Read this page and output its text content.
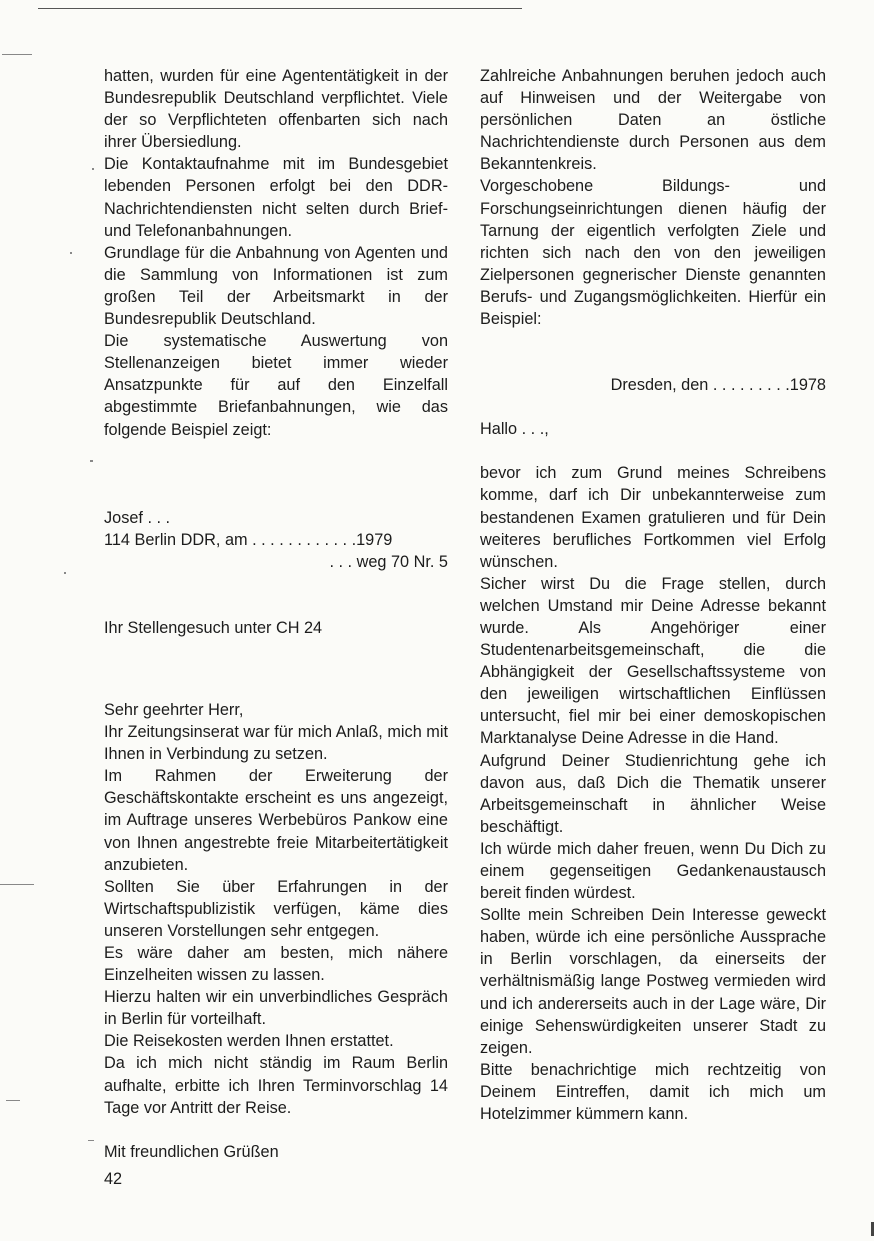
hatten, wurden für eine Agententätigkeit in der Bundesrepublik Deutschland verpflichtet. Viele der so Verpflichteten offenbarten sich nach ihrer Übersiedlung.

Die Kontaktaufnahme mit im Bundesgebiet lebenden Personen erfolgt bei den DDR-Nachrichtendiensten nicht selten durch Brief- und Telefonanbahnungen.

Grundlage für die Anbahnung von Agenten und die Sammlung von Informationen ist zum großen Teil der Arbeitsmarkt in der Bundesrepublik Deutschland.

Die systematische Auswertung von Stellenanzeigen bietet immer wieder Ansatzpunkte für auf den Einzelfall abgestimmte Briefanbahnungen, wie das folgende Beispiel zeigt:

Josef . . .

114 Berlin DDR, am . . . . . . . . . . . .1979

. . . weg 70 Nr. 5

Ihr Stellengesuch unter CH 24

Sehr geehrter Herr,

Ihr Zeitungsinserat war für mich Anlaß, mich mit Ihnen in Verbindung zu setzen.

Im Rahmen der Erweiterung der Geschäftskontakte erscheint es uns angezeigt, im Auftrage unseres Werbebüros Pankow eine von Ihnen angestrebte freie Mitarbeitertätigkeit anzubieten.

Sollten Sie über Erfahrungen in der Wirtschaftspublizistik verfügen, käme dies unseren Vorstellungen sehr entgegen.

Es wäre daher am besten, mich nähere Einzelheiten wissen zu lassen.

Hierzu halten wir ein unverbindliches Gespräch in Berlin für vorteilhaft.

Die Reisekosten werden Ihnen erstattet.

Da ich mich nicht ständig im Raum Berlin aufhalte, erbitte ich Ihren Terminvorschlag 14 Tage vor Antritt der Reise.

Mit freundlichen Grüßen

Zahlreiche Anbahnungen beruhen jedoch auch auf Hinweisen und der Weitergabe von persönlichen Daten an östliche Nachrichtendienste durch Personen aus dem Bekanntenkreis.

Vorgeschobene Bildungs- und Forschungseinrichtungen dienen häufig der Tarnung der eigentlich verfolgten Ziele und richten sich nach den von den jeweiligen Zielpersonen gegnerischer Dienste genannten Berufs- und Zugangsmöglichkeiten. Hierfür ein Beispiel:

Dresden, den . . . . . . . . .1978

Hallo . . .,

bevor ich zum Grund meines Schreibens komme, darf ich Dir unbekannterweise zum bestandenen Examen gratulieren und für Dein weiteres berufliches Fortkommen viel Erfolg wünschen.

Sicher wirst Du die Frage stellen, durch welchen Umstand mir Deine Adresse bekannt wurde. Als Angehöriger einer Studentenarbeitsgemeinschaft, die die Abhängigkeit der Gesellschaftssysteme von den jeweiligen wirtschaftlichen Einflüssen untersucht, fiel mir bei einer demoskopischen Marktanalyse Deine Adresse in die Hand.

Aufgrund Deiner Studienrichtung gehe ich davon aus, daß Dich die Thematik unserer Arbeitsgemeinschaft in ähnlicher Weise beschäftigt.

Ich würde mich daher freuen, wenn Du Dich zu einem gegenseitigen Gedankenaustausch bereit finden würdest.

Sollte mein Schreiben Dein Interesse geweckt haben, würde ich eine persönliche Aussprache in Berlin vorschlagen, da einerseits der verhältnismäßig lange Postweg vermieden wird und ich andererseits auch in der Lage wäre, Dir einige Sehenswürdigkeiten unserer Stadt zu zeigen.

Bitte benachrichtige mich rechtzeitig von Deinem Eintreffen, damit ich mich um Hotelzimmer kümmern kann.

42
